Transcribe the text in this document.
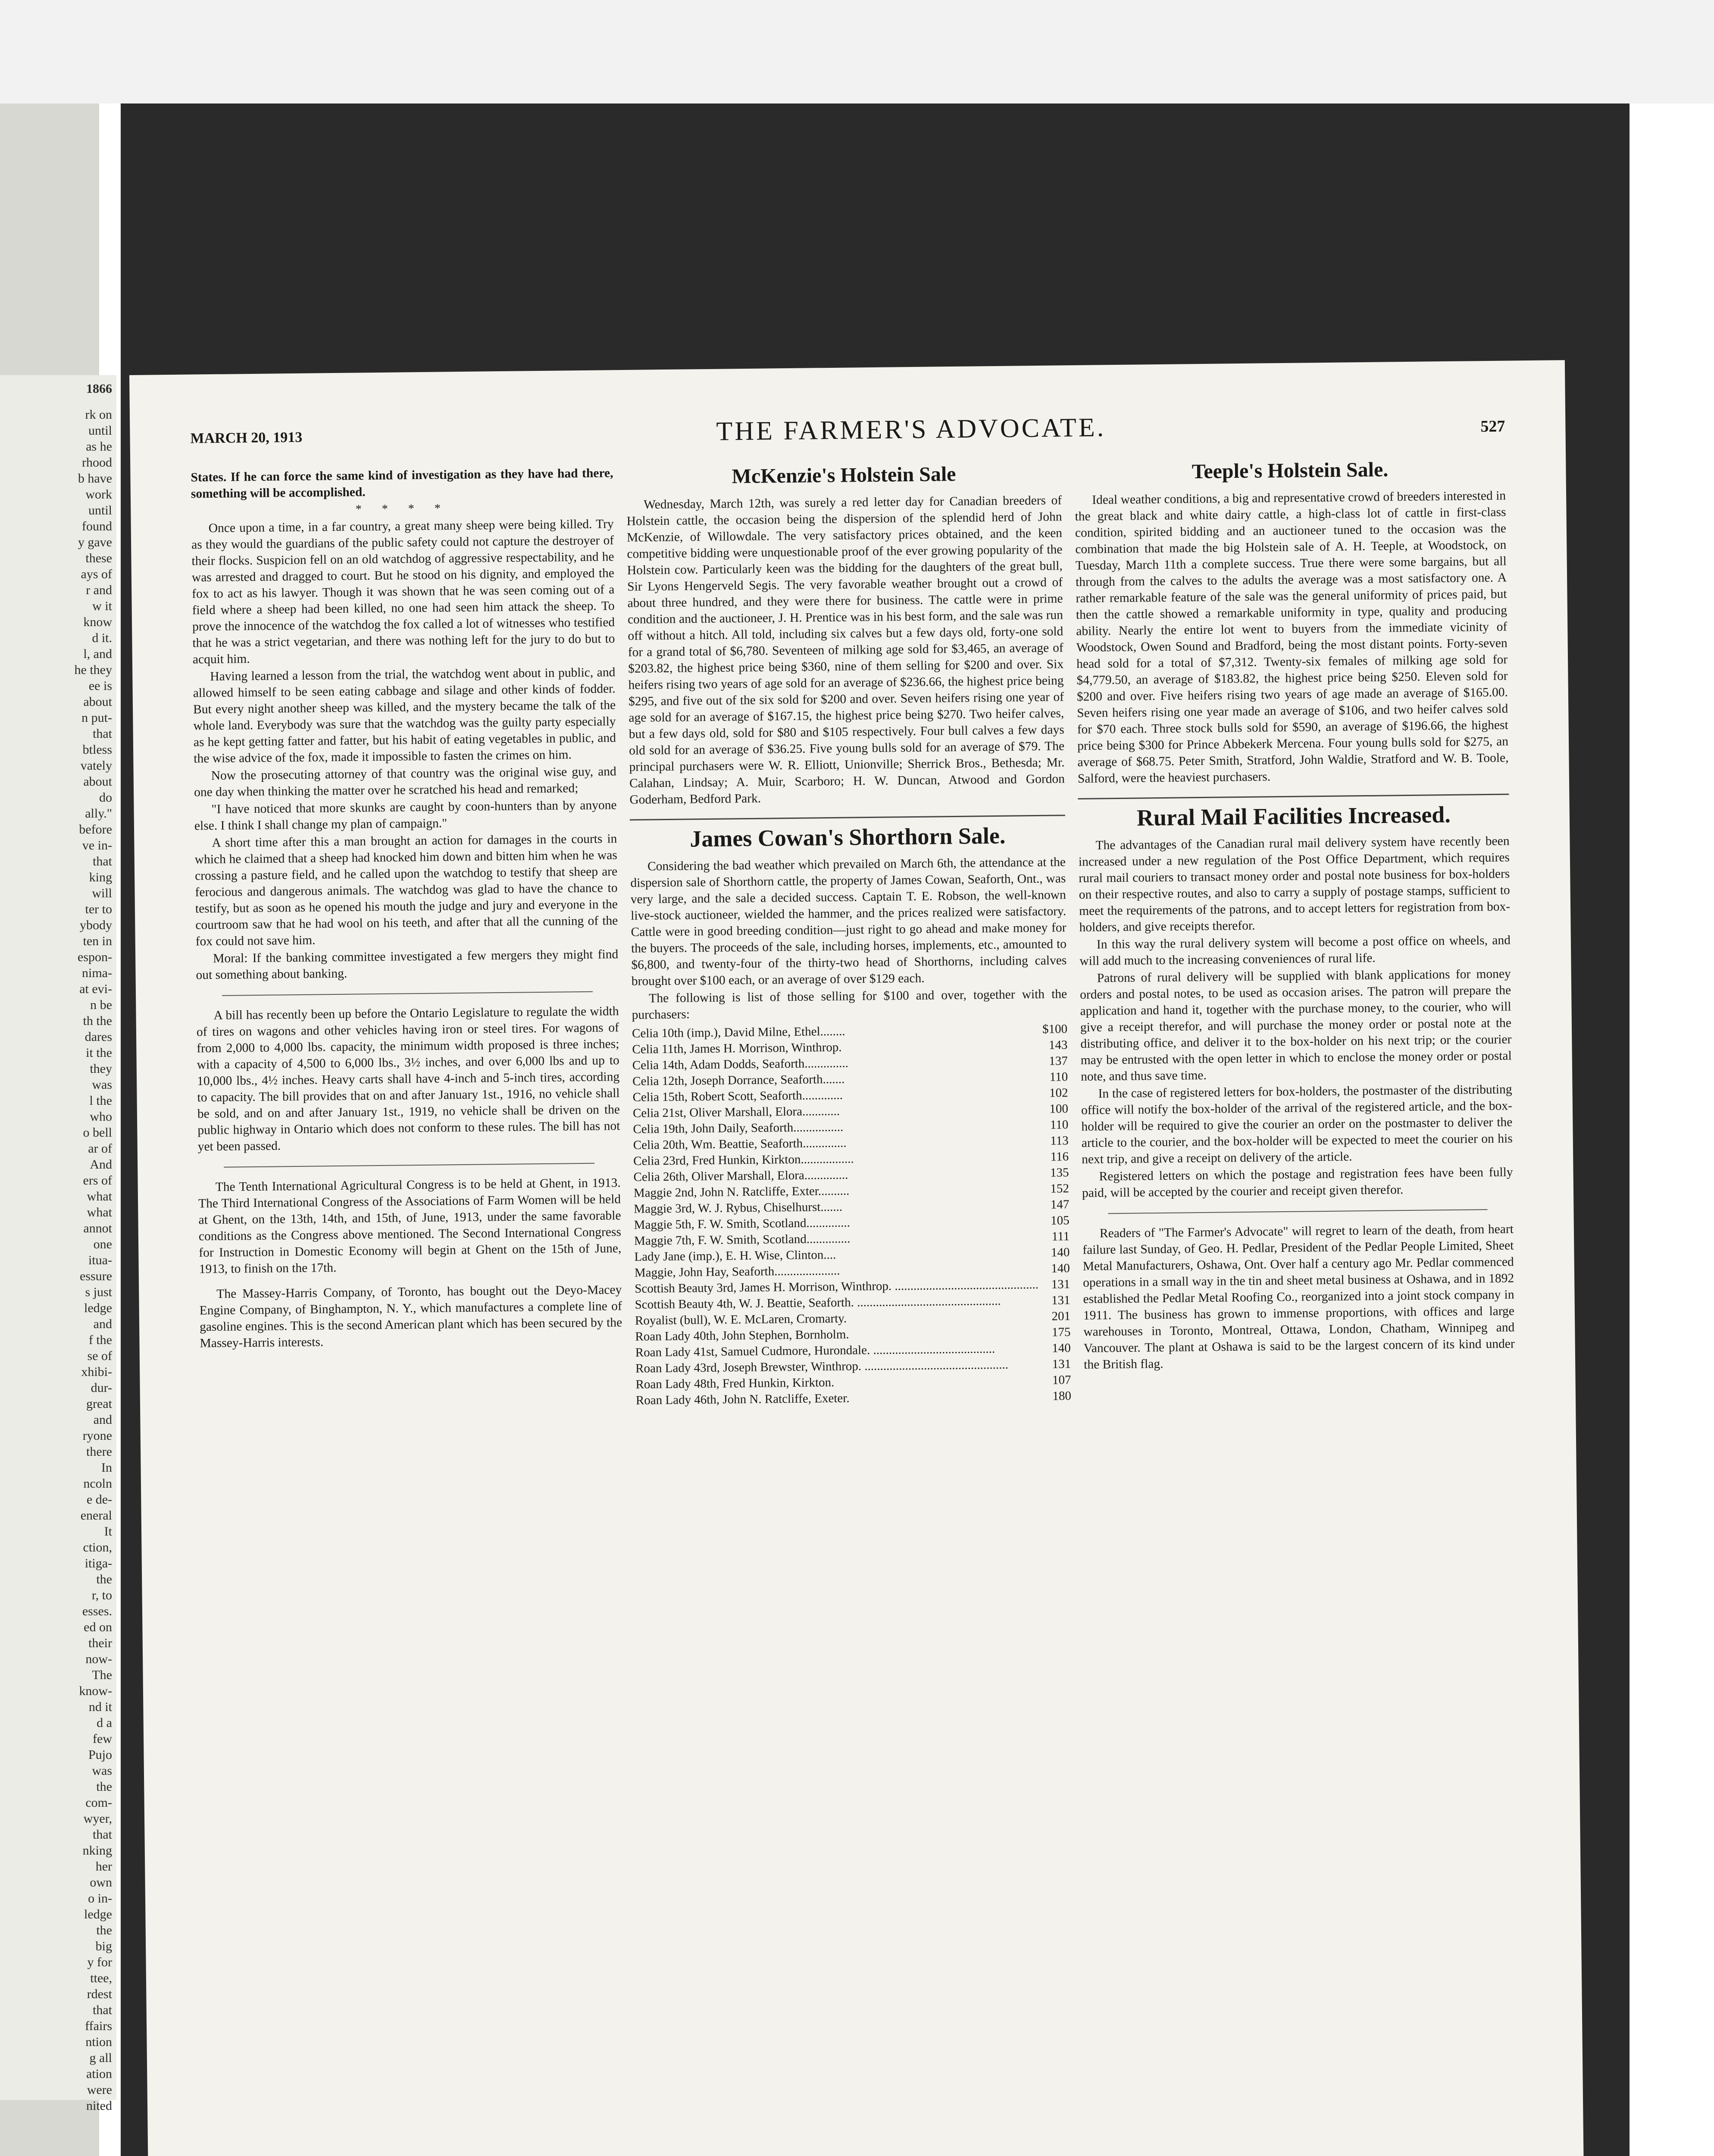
1866
rk on
until
as he
rhood
b have
work
until
found
y gave
these
ays of
r and
w it
know
d it.
l, and
he they
ee is
about
n put-
that
btless
vately
about
do
ally."
before
ve in-
that
king
will
ter to
ybody
ten in
espon-
nima-
at evi-
n be
th the
dares
it the
they
was
l the
who
o bell
ar of
And
ers of
what
what
annot
one
itua-
essure
s just
ledge
and
f the
se of
xhibi-
dur-
great
and
ryone
there
In
ncoln
e de-
eneral
It
ction,
itiga-
the
r, to
esses.
ed on
their
now-
The
know-
nd it
d a
few
Pujo
was
the
com-
wyer,
that
nking
her
own
o in-
ledge
the
big
y for
ttee,
rdest
that
ffairs
ntion
g all
ation
were
nited
MARCH 20, 1913	THE FARMER'S ADVOCATE.	527

States. If he can force the same kind of investigation as they have had there, something will be accomplished.

* * * *

Once upon a time, in a far country, a great many sheep were being killed. Try as they would the guardians of the public safety could not capture the destroyer of their flocks. Suspicion fell on an old watchdog of aggressive respectability, and he was arrested and dragged to court. But he stood on his dignity, and employed the fox to act as his lawyer. Though it was shown that he was seen coming out of a field where a sheep had been killed, no one had seen him attack the sheep. To prove the innocence of the watchdog the fox called a lot of witnesses who testified that he was a strict vegetarian, and there was nothing left for the jury to do but to acquit him.

Having learned a lesson from the trial, the watchdog went about in public, and allowed himself to be seen eating cabbage and silage and other kinds of fodder. But every night another sheep was killed, and the mystery became the talk of the whole land. Everybody was sure that the watchdog was the guilty party especially as he kept getting fatter and fatter, but his habit of eating vegetables in public, and the wise advice of the fox, made it impossible to fasten the crimes on him.

Now the prosecuting attorney of that country was the original wise guy, and one day when thinking the matter over he scratched his head and remarked;

"I have noticed that more skunks are caught by coon-hunters than by anyone else. I think I shall change my plan of campaign."

A short time after this a man brought an action for damages in the courts in which he claimed that a sheep had knocked him down and bitten him when he was crossing a pasture field, and he called upon the watchdog to testify that sheep are ferocious and dangerous animals. The watchdog was glad to have the chance to testify, but as soon as he opened his mouth the judge and jury and everyone in the courtroom saw that he had wool on his teeth, and after that all the cunning of the fox could not save him.

Moral: If the banking committee investigated a few mergers they might find out something about banking.

A bill has recently been up before the Ontario Legislature to regulate the width of tires on wagons and other vehicles having iron or steel tires. For wagons of from 2,000 to 4,000 lbs. capacity, the minimum width proposed is three inches; with a capacity of 4,500 to 6,000 lbs., 3½ inches, and over 6,000 lbs and up to 10,000 lbs., 4½ inches. Heavy carts shall have 4-inch and 5-inch tires, according to capacity. The bill provides that on and after January 1st., 1916, no vehicle shall be sold, and on and after January 1st., 1919, no vehicle shall be driven on the public highway in Ontario which does not conform to these rules. The bill has not yet been passed.

The Tenth International Agricultural Congress is to be held at Ghent, in 1913. The Third International Congress of the Associations of Farm Women will be held at Ghent, on the 13th, 14th, and 15th, of June, 1913, under the same favorable conditions as the Congress above mentioned. The Second International Congress for Instruction in Domestic Economy will begin at Ghent on the 15th of June, 1913, to finish on the 17th.

The Massey-Harris Company, of Toronto, has bought out the Deyo-Macey Engine Company, of Binghampton, N. Y., which manufactures a complete line of gasoline engines. This is the second American plant which has been secured by the Massey-Harris interests.

McKenzie's Holstein Sale

Wednesday, March 12th, was surely a red letter day for Canadian breeders of Holstein cattle, the occasion being the dispersion of the splendid herd of John McKenzie, of Willowdale. The very satisfactory prices obtained, and the keen competitive bidding were unquestionable proof of the ever growing popularity of the Holstein cow. Particularly keen was the bidding for the daughters of the great bull, Sir Lyons Hengerveld Segis. The very favorable weather brought out a crowd of about three hundred, and they were there for business. The cattle were in prime condition and the auctioneer, J. H. Prentice was in his best form, and the sale was run off without a hitch. All told, including six calves but a few days old, forty-one sold for a grand total of $6,780. Seventeen of milking age sold for $3,465, an average of $203.82, the highest price being $360, nine of them selling for $200 and over. Six heifers rising two years of age sold for an average of $236.66, the highest price being $295, and five out of the six sold for $200 and over. Seven heifers rising one year of age sold for an average of $167.15, the highest price being $270. Two heifer calves, but a few days old, sold for $80 and $105 respectively. Four bull calves a few days old sold for an average of $36.25. Five young bulls sold for an average of $79. The principal purchasers were W. R. Elliott, Unionville; Sherrick Bros., Bethesda; Mr. Calahan, Lindsay; A. Muir, Scarboro; H. W. Duncan, Atwood and Gordon Goderham, Bedford Park.

James Cowan's Shorthorn Sale.

Considering the bad weather which prevailed on March 6th, the attendance at the dispersion sale of Shorthorn cattle, the property of James Cowan, Seaforth, Ont., was very large, and the sale a decided success. Captain T. E. Robson, the well-known live-stock auctioneer, wielded the hammer, and the prices realized were satisfactory. Cattle were in good breeding condition—just right to go ahead and make money for the buyers. The proceeds of the sale, including horses, implements, etc., amounted to $6,800, and twenty-four of the thirty-two head of Shorthorns, including calves brought over $100 each, or an average of over $129 each.

The following is list of those selling for $100 and over, together with the purchasers:

Celia 10th (imp.), David Milne, Ethel........	$100
Celia 11th, James H. Morrison, Winthrop.	143
Celia 14th, Adam Dodds, Seaforth..............	137
Celia 12th, Joseph Dorrance, Seaforth.......	110
Celia 15th, Robert Scott, Seaforth.............	102
Celia 21st, Oliver Marshall, Elora............	100
Celia 19th, John Daily, Seaforth................	110
Celia 20th, Wm. Beattie, Seaforth..............	113
Celia 23rd, Fred Hunkin, Kirkton.................	116
Celia 26th, Oliver Marshall, Elora..............	135
Maggie 2nd, John N. Ratcliffe, Exter..........	152
Maggie 3rd, W. J. Rybus, Chiselhurst.......	147
Maggie 5th, F. W. Smith, Scotland..............	105
Maggie 7th, F. W. Smith, Scotland..............	111
Lady Jane (imp.), E. H. Wise, Clinton....	140
Maggie, John Hay, Seaforth.....................	140
Scottish Beauty 3rd, James H. Morrison, Winthrop. ..............................................	131
Scottish Beauty 4th, W. J. Beattie, Seaforth. ..............................................	131
Royalist (bull), W. E. McLaren, Cromarty.	201
Roan Lady 40th, John Stephen, Bornholm.	175
Roan Lady 41st, Samuel Cudmore, Hurondale. .......................................	140
Roan Lady 43rd, Joseph Brewster, Winthrop. ..............................................	131
Roan Lady 48th, Fred Hunkin, Kirkton.	107
Roan Lady 46th, John N. Ratcliffe, Exeter.	180
Teeple's Holstein Sale.

Ideal weather conditions, a big and representative crowd of breeders interested in the great black and white dairy cattle, a high-class lot of cattle in first-class condition, spirited bidding and an auctioneer tuned to the occasion was the combination that made the big Holstein sale of A. H. Teeple, at Woodstock, on Tuesday, March 11th a complete success. True there were some bargains, but all through from the calves to the adults the average was a most satisfactory one. A rather remarkable feature of the sale was the general uniformity of prices paid, but then the cattle showed a remarkable uniformity in type, quality and producing ability. Nearly the entire lot went to buyers from the immediate vicinity of Woodstock, Owen Sound and Bradford, being the most distant points. Forty-seven head sold for a total of $7,312. Twenty-six females of milking age sold for $4,779.50, an average of $183.82, the highest price being $250. Eleven sold for $200 and over. Five heifers rising two years of age made an average of $165.00. Seven heifers rising one year made an average of $106, and two heifer calves sold for $70 each. Three stock bulls sold for $590, an average of $196.66, the highest price being $300 for Prince Abbekerk Mercena. Four young bulls sold for $275, an average of $68.75. Peter Smith, Stratford, John Waldie, Stratford and W. B. Toole, Salford, were the heaviest purchasers.

Rural Mail Facilities Increased.

The advantages of the Canadian rural mail delivery system have recently been increased under a new regulation of the Post Office Department, which requires rural mail couriers to transact money order and postal note business for box-holders on their respective routes, and also to carry a supply of postage stamps, sufficient to meet the requirements of the patrons, and to accept letters for registration from box-holders, and give receipts therefor.

In this way the rural delivery system will become a post office on wheels, and will add much to the increasing conveniences of rural life.

Patrons of rural delivery will be supplied with blank applications for money orders and postal notes, to be used as occasion arises. The patron will prepare the application and hand it, together with the purchase money, to the courier, who will give a receipt therefor, and will purchase the money order or postal note at the distributing office, and deliver it to the box-holder on his next trip; or the courier may be entrusted with the open letter in which to enclose the money order or postal note, and thus save time.

In the case of registered letters for box-holders, the postmaster of the distributing office will notify the box-holder of the arrival of the registered article, and the box-holder will be required to give the courier an order on the postmaster to deliver the article to the courier, and the box-holder will be expected to meet the courier on his next trip, and give a receipt on delivery of the article.

Registered letters on which the postage and registration fees have been fully paid, will be accepted by the courier and receipt given therefor.

Readers of "The Farmer's Advocate" will regret to learn of the death, from heart failure last Sunday, of Geo. H. Pedlar, President of the Pedlar People Limited, Sheet Metal Manufacturers, Oshawa, Ont. Over half a century ago Mr. Pedlar commenced operations in a small way in the tin and sheet metal business at Oshawa, and in 1892 established the Pedlar Metal Roofing Co., reorganized into a joint stock company in 1911. The business has grown to immense proportions, with offices and large warehouses in Toronto, Montreal, Ottawa, London, Chatham, Winnipeg and Vancouver. The plant at Oshawa is said to be the largest concern of its kind under the British flag.
